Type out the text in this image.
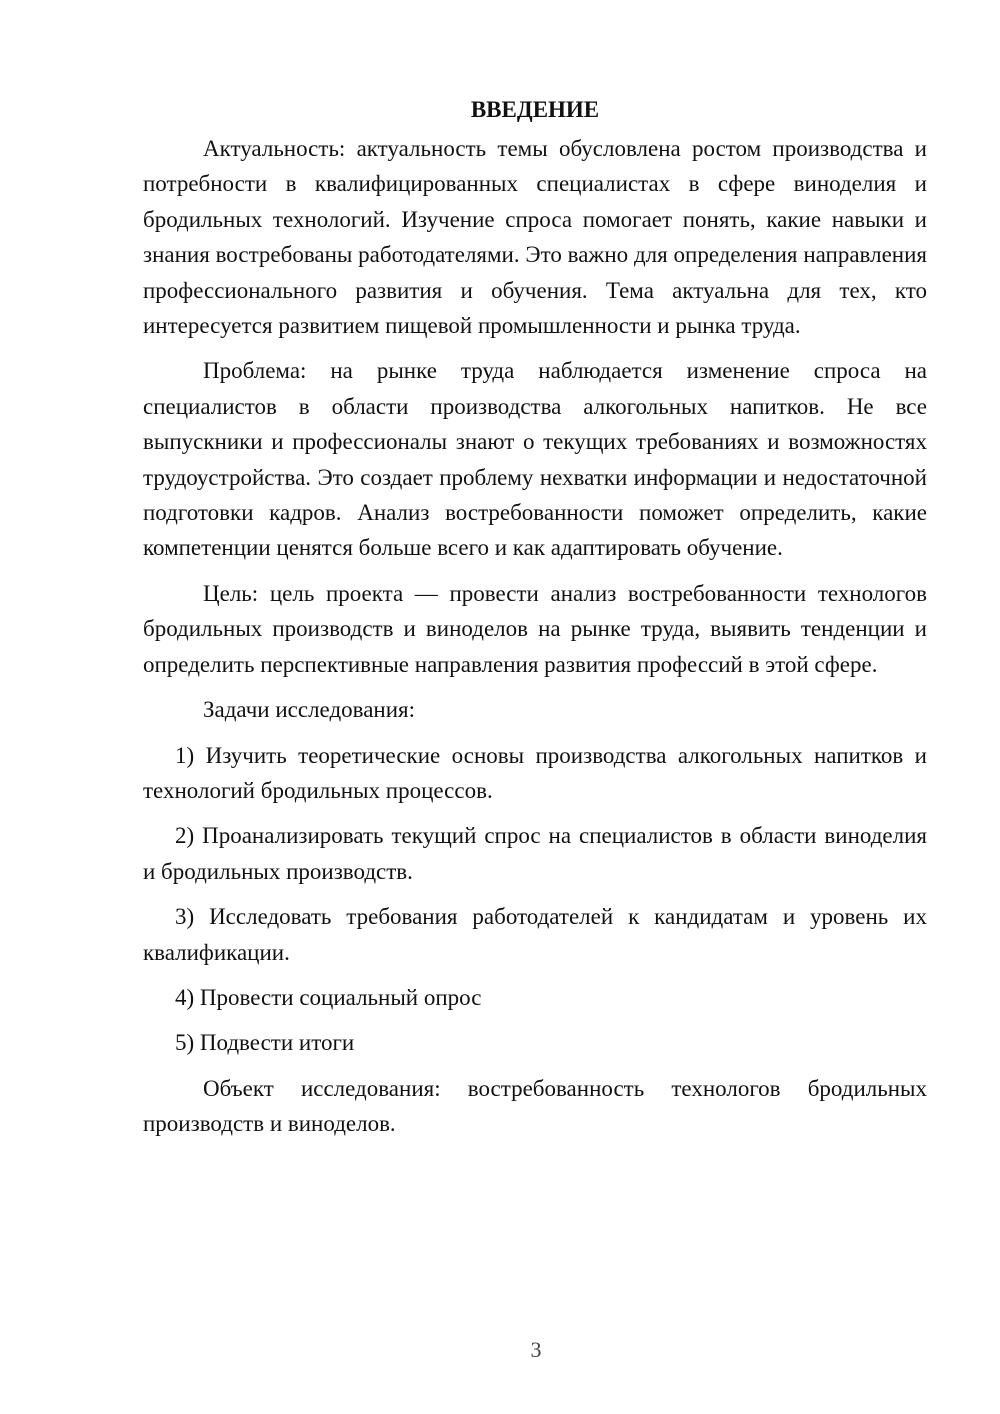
ВВЕДЕНИЕ

Актуальность: актуальность темы обусловлена ростом производства и потребности в квалифицированных специалистах в сфере виноделия и бродильных технологий. Изучение спроса помогает понять, какие навыки и знания востребованы работодателями. Это важно для определения направления профессионального развития и обучения. Тема актуальна для тех, кто интересуется развитием пищевой промышленности и рынка труда.

Проблема: на рынке труда наблюдается изменение спроса на специалистов в области производства алкогольных напитков. Не все выпускники и профессионалы знают о текущих требованиях и возможностях трудоустройства. Это создает проблему нехватки информации и недостаточной подготовки кадров. Анализ востребованности поможет определить, какие компетенции ценятся больше всего и как адаптировать обучение.

Цель: цель проекта — провести анализ востребованности технологов бродильных производств и виноделов на рынке труда, выявить тенденции и определить перспективные направления развития профессий в этой сфере.

Задачи исследования:

1) Изучить теоретические основы производства алкогольных напитков и технологий бродильных процессов.

2) Проанализировать текущий спрос на специалистов в области виноделия и бродильных производств.

3) Исследовать требования работодателей к кандидатам и уровень их квалификации.

4) Провести социальный опрос

5) Подвести итоги

Объект исследования: востребованность технологов бродильных производств и виноделов.

3
